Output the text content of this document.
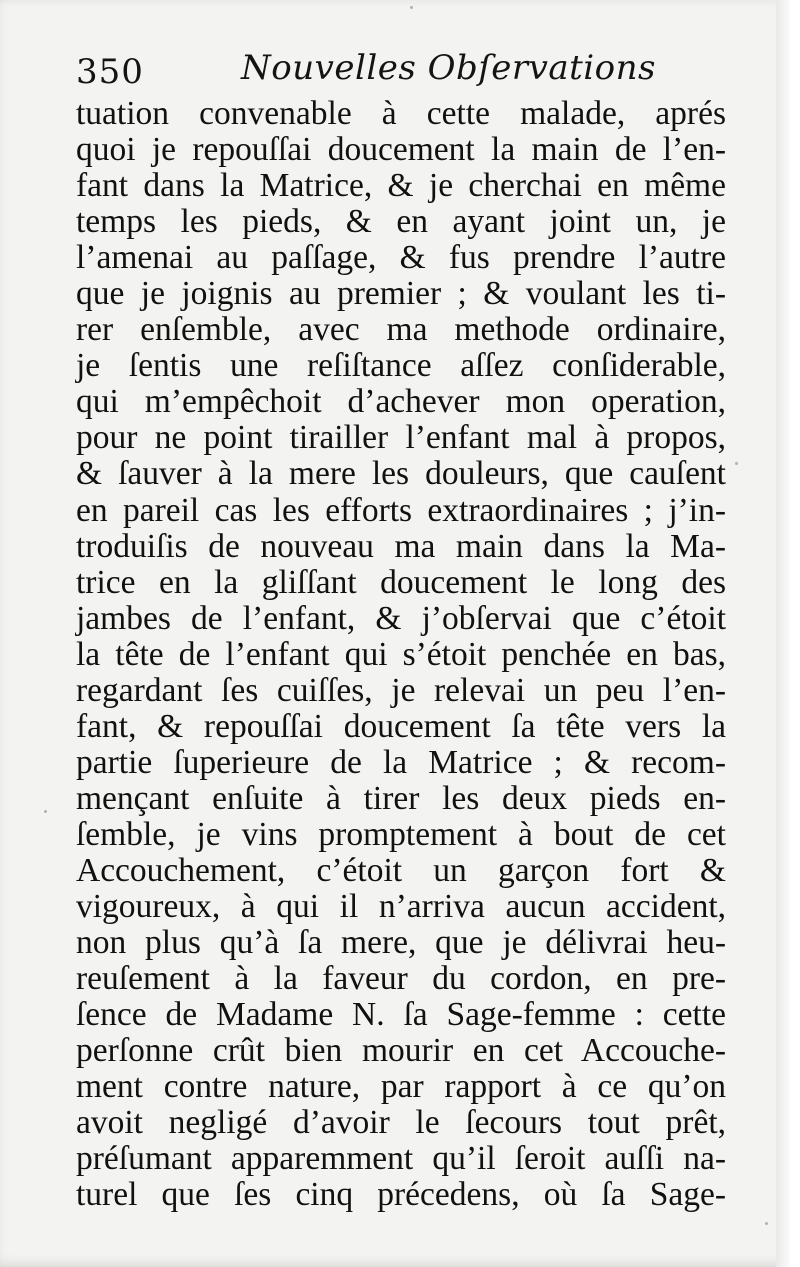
350	Nouvelles Obſervations
tuation convenable à cette malade, aprés
quoi je repouſſai doucement la main de l’en-
fant dans la Matrice, & je cherchai en même
temps les pieds, & en ayant joint un, je
l’amenai au paſſage, & fus prendre l’autre
que je joignis au premier ; & voulant les ti-
rer enſemble, avec ma methode ordinaire,
je ſentis une reſiſtance aſſez conſiderable,
qui m’empêchoit d’achever mon operation,
pour ne point tirailler l’enfant mal à propos,
& ſauver à la mere les douleurs, que cauſent
en pareil cas les efforts extraordinaires ; j’in-
troduiſis de nouveau ma main dans la Ma-
trice en la gliſſant doucement le long des
jambes de l’enfant, & j’obſervai que c’étoit
la tête de l’enfant qui s’étoit penchée en bas,
regardant ſes cuiſſes, je relevai un peu l’en-
fant, & repouſſai doucement ſa tête vers la
partie ſuperieure de la Matrice ; & recom-
mençant enſuite à tirer les deux pieds en-
ſemble, je vins promptement à bout de cet
Accouchement, c’étoit un garçon fort &
vigoureux, à qui il n’arriva aucun accident,
non plus qu’à ſa mere, que je délivrai heu-
reuſement à la faveur du cordon, en pre-
ſence de Madame N. ſa Sage-femme : cette
perſonne crût bien mourir en cet Accouche-
ment contre nature, par rapport à ce qu’on
avoit negligé d’avoir le ſecours tout prêt,
préſumant apparemment qu’il ſeroit auſſi na-
turel que ſes cinq précedens, où ſa Sage-
